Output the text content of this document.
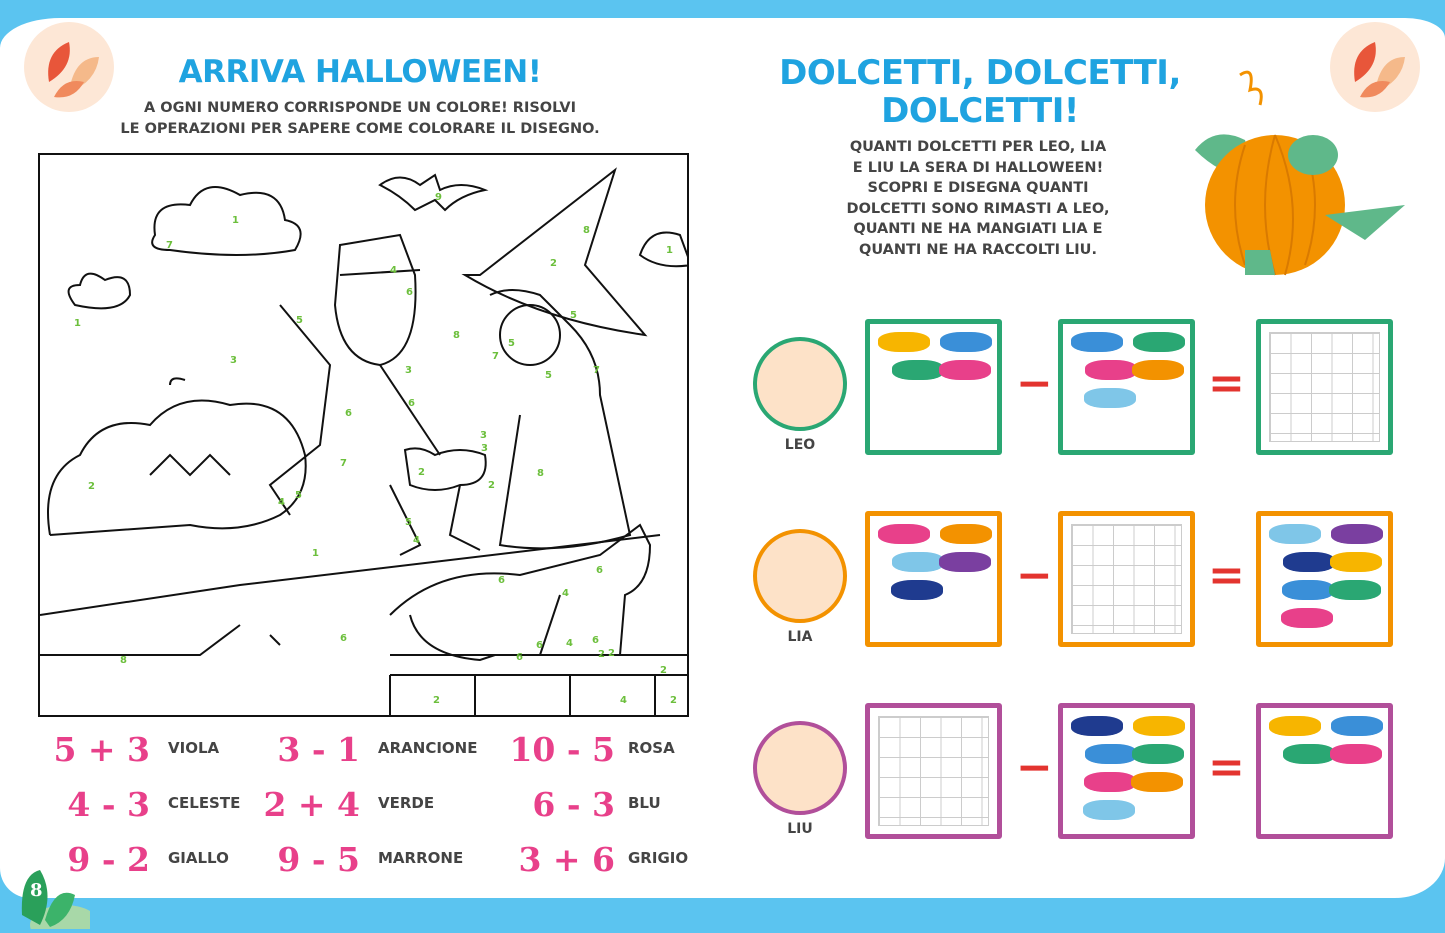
ARRIVA HALLOWEEN!
A OGNI NUMERO CORRISPONDE UN COLORE! RISOLVI
LE OPERAZIONI PER SAPERE COME COLORARE IL DISEGNO.
1
7
9
8
2
1
4
6
1	5	5
3
5
8
7
5	7
3
6
6
2
7
5
2
3
3
2
8
5
4
4
1
6
6
4
6
8
6
4
6
4 6
2 2
2
2	2
5 + 3 VIOLA	3 - 1 ARANCIONE 10 - 5 ROSA
4 - 3 CELESTE 2 + 4 VERDE	6 - 3 BLU
9 - 2 GIALLO	9 - 5 MARRONE	3 + 6 GRIGIO
8
DOLCETTI, DOLCETTI,
DOLCETTI!
QUANTI DOLCETTI PER LEO, LIA
E LIU LA SERA DI HALLOWEEN!
SCOPRI E DISEGNA QUANTI
DOLCETTI SONO RIMASTI A LEO,
QUANTI NE HA MANGIATI LIA E
QUANTI NE HA RACCOLTI LIU.
LEO
−	=
LIA
−	=
LIU
−	=
9
